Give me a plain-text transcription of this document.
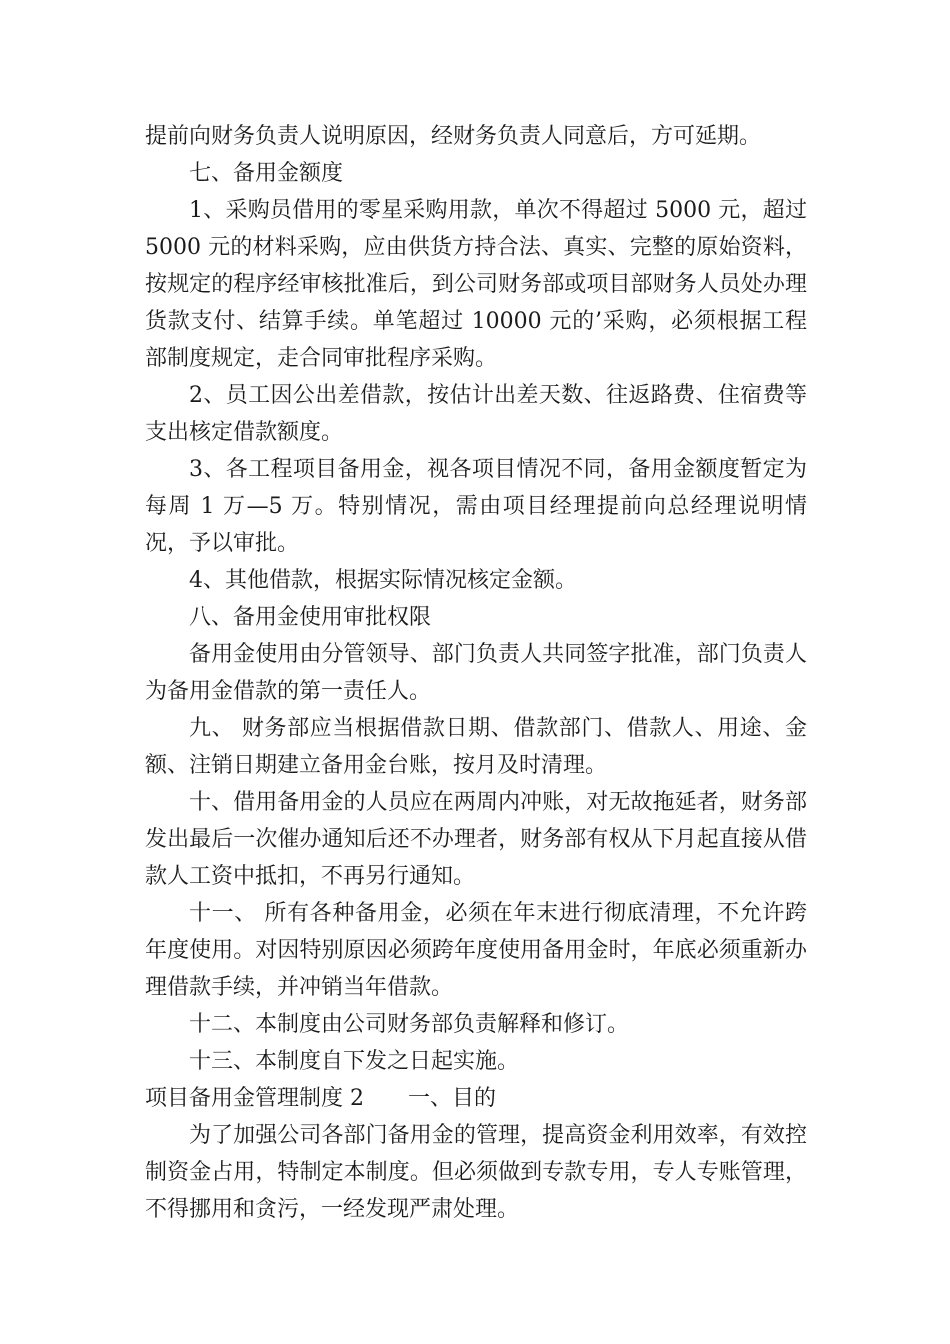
提前向财务负责人说明原因，经财务负责人同意后，方可延期。

七、备用金额度

1、采购员借用的零星采购用款，单次不得超过 5000 元，超过 5000 元的材料采购，应由供货方持合法、真实、完整的原始资料，按规定的程序经审核批准后，到公司财务部或项目部财务人员处办理货款支付、结算手续。单笔超过 10000 元的’采购，必须根据工程部制度规定，走合同审批程序采购。

2、员工因公出差借款，按估计出差天数、往返路费、住宿费等支出核定借款额度。

3、各工程项目备用金，视各项目情况不同，备用金额度暂定为每周 1 万—5 万。特别情况，需由项目经理提前向总经理说明情况，予以审批。

4、其他借款，根据实际情况核定金额。

八、备用金使用审批权限

备用金使用由分管领导、部门负责人共同签字批准，部门负责人为备用金借款的第一责任人。

九、 财务部应当根据借款日期、借款部门、借款人、用途、金额、注销日期建立备用金台账，按月及时清理。

十、借用备用金的人员应在两周内冲账，对无故拖延者，财务部发出最后一次催办通知后还不办理者，财务部有权从下月起直接从借款人工资中抵扣，不再另行通知。

十一、 所有各种备用金，必须在年末进行彻底清理，不允许跨年度使用。对因特别原因必须跨年度使用备用金时，年底必须重新办理借款手续，并冲销当年借款。

十二、本制度由公司财务部负责解释和修订。

十三、本制度自下发之日起实施。

项目备用金管理制度 2 一、目的

为了加强公司各部门备用金的管理，提高资金利用效率，有效控制资金占用，特制定本制度。但必须做到专款专用，专人专账管理，不得挪用和贪污，一经发现严肃处理。
